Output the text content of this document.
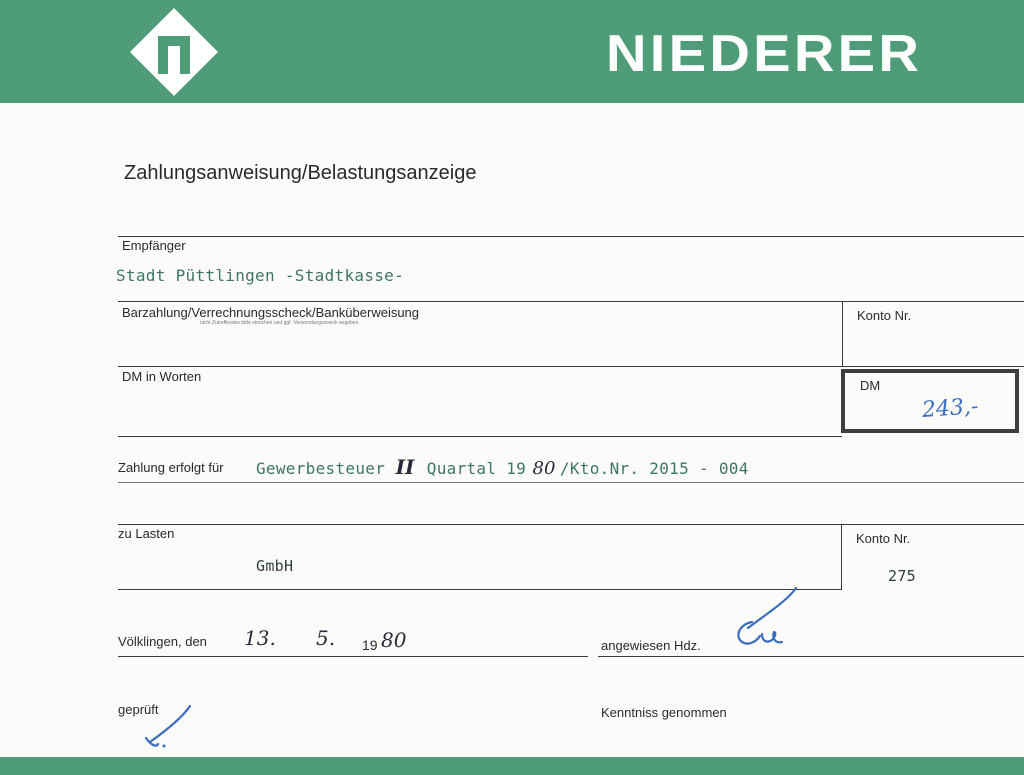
NIEDERER
Zahlungsanweisung/Belastungsanzeige
Empfänger
Stadt Püttlingen -Stadtkasse-
Barzahlung/Verrechnungsscheck/Banküberweisung
nicht Zutreffendes bitte streichen und ggf. Verwendungszweck angeben	Konto Nr.
DM in Worten
DM
243,-
Zahlung erfolgt für Gewerbesteuer II Quartal 19 80 /Kto.Nr. 2015 - 004
zu Lasten
GmbH
Konto Nr.
275
Völklingen, den 13. 5. 19 80	angewiesen Hdz.
geprüft	Kenntniss genommen
